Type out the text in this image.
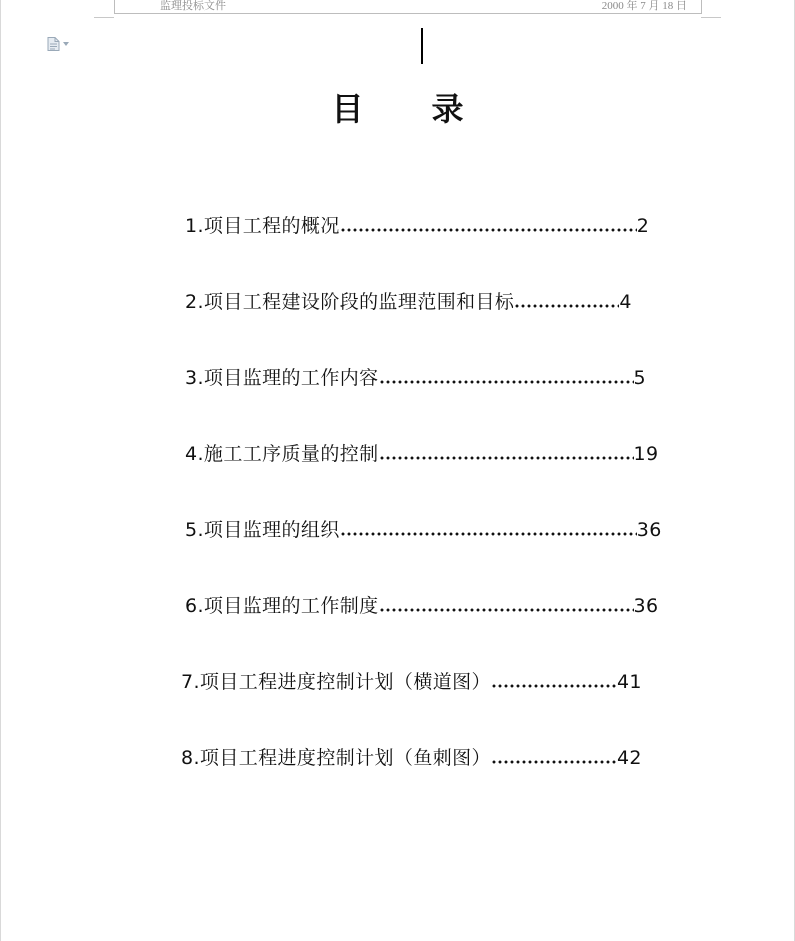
监理投标文件	2000 年 7 月 18 日
目录
1.项目工程的概况	2
2.项目工程建设阶段的监理范围和目标	4
3.项目监理的工作内容	5
4.施工工序质量的控制	19
5.项目监理的组织	36
6.项目监理的工作制度	36
7.项目工程进度控制计划（横道图）	41
8.项目工程进度控制计划（鱼刺图）	42
